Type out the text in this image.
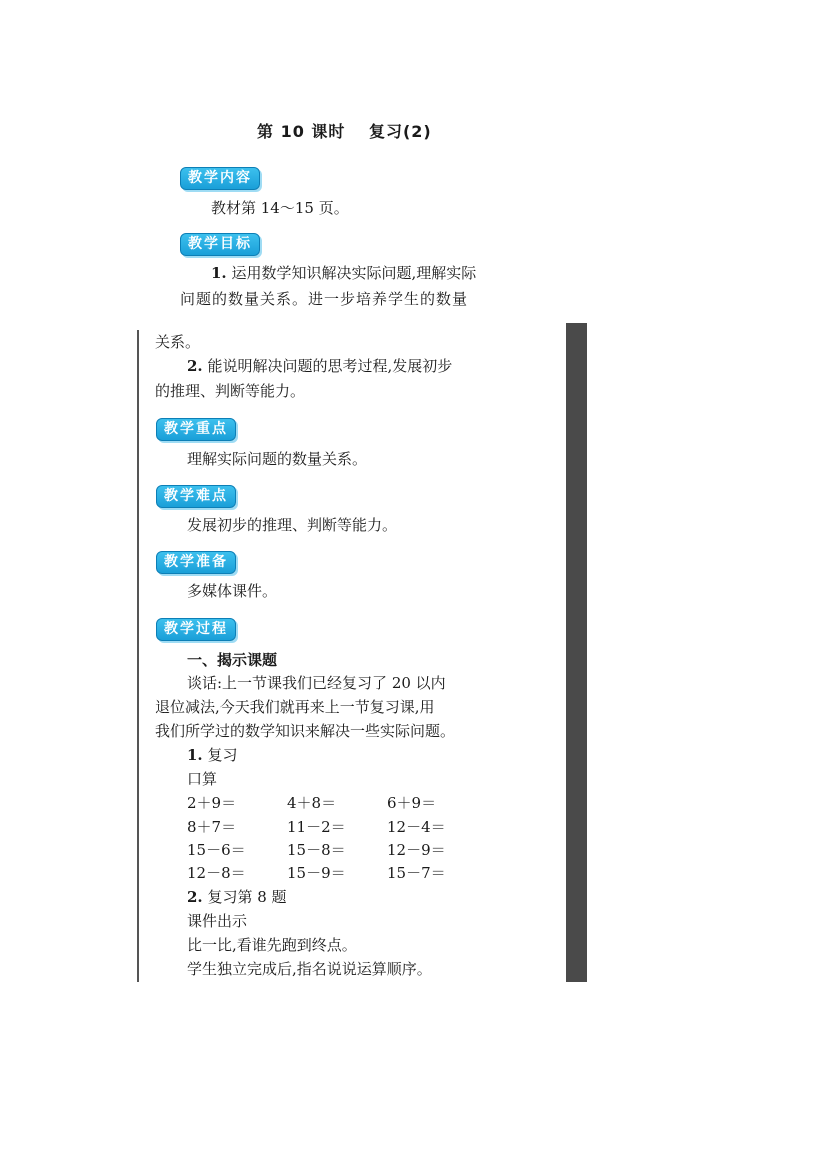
第 10 课时　 复习(2)
教学内容
教材第 14～15 页。
教学目标
1. 运用数学知识解决实际问题,理解实际
问题的数量关系。进一步培养学生的数量
关系。
2. 能说明解决问题的思考过程,发展初步
的推理、判断等能力。
教学重点
理解实际问题的数量关系。
教学难点
发展初步的推理、判断等能力。
教学准备
多媒体课件。
教学过程
一、揭示课题
谈话:上一节课我们已经复习了 20 以内
退位减法,今天我们就再来上一节复习课,用
我们所学过的数学知识来解决一些实际问题。
1. 复习
口算
2＋9＝	4＋8＝	6＋9＝
8＋7＝	11－2＝	12－4＝
15－6＝	15－8＝	12－9＝
12－8＝	15－9＝	15－7＝
2. 复习第 8 题
课件出示
比一比,看谁先跑到终点。
学生独立完成后,指名说说运算顺序。
